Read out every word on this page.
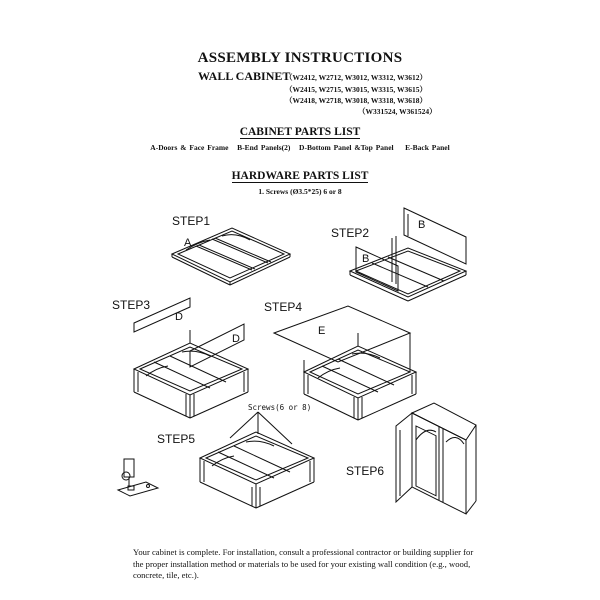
ASSEMBLY INSTRUCTIONS
WALL CABINET
（W2412, W2712, W3012, W3312, W3612）
（W2415, W2715, W3015, W3315, W3615）
（W2418, W2718, W3018, W3318, W3618）
（W331524, W361524）
CABINET PARTS LIST
A-Doors & Face Frame B-End Panels(2) D-Bottom Panel &Top Panel E-Back Panel
HARDWARE PARTS LIST
1. Screws (Ø3.5*25) 6 or 8
STEP1
STEP2
STEP3	STEP4
STEP5
STEP6
A
B
B
D
D
E
Screws(6 or 8)
Your cabinet is complete. For installation, consult a professional contractor or building supplier for the proper installation method or materials to be used for your existing wall condition (e.g., wood, concrete, tile, etc.).
